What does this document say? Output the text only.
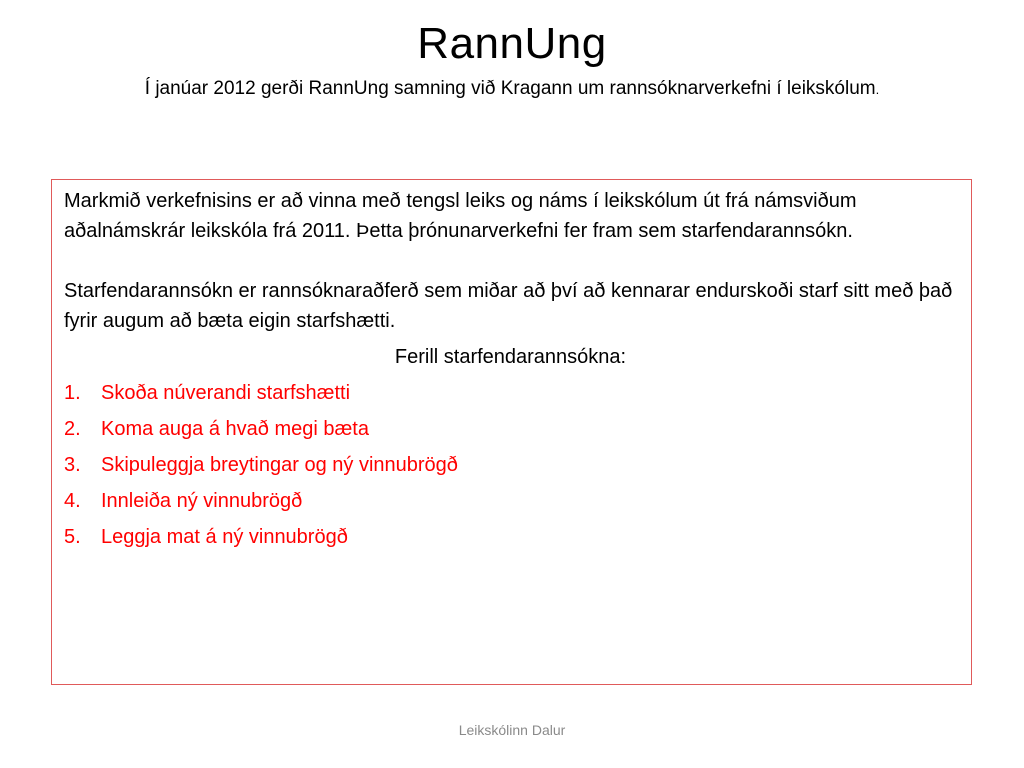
RannUng
Í janúar 2012 gerði RannUng samning við Kragann um rannsóknarverkefni í leikskólum.

Markmið verkefnisins er að vinna með tengsl leiks og náms í leikskólum út frá námsviðum aðalnámskrár leikskóla frá 2011. Þetta þrónunarverkefni fer fram sem starfendarannsókn.

Starfendarannsókn er rannsóknaraðferð sem miðar að því að kennarar endurskoði starf sitt með það fyrir augum að bæta eigin starfshætti.

Ferill starfendarannsókna:

1.	Skoða núverandi starfshætti
2.	Koma auga á hvað megi bæta
3.	Skipuleggja breytingar og ný vinnubrögð
4.	Innleiða ný vinnubrögð
5.	Leggja mat á ný vinnubrögð
Leikskólinn Dalur
